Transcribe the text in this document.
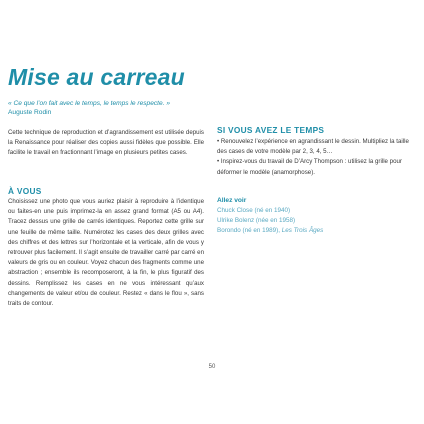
Mise au carreau

« Ce que l’on fait avec le temps, le temps le respecte. »

Auguste Rodin

Cette technique de reproduction et d’agrandissement est utilisée depuis la Renaissance pour réaliser des copies aussi fidèles que possible. Elle facilite le travail en fractionnant l’image en plusieurs petites cases.

À VOUS

Choisissez une photo que vous auriez plaisir à reproduire à l’identique ou faites-en une puis imprimez-la en assez grand format (A5 ou A4). Tracez dessus une grille de carrés identiques. Reportez cette grille sur une feuille de même taille. Numérotez les cases des deux grilles avec des chiffres et des lettres sur l’horizontale et la verticale, afin de vous y retrouver plus facilement. Il s’agit ensuite de travailler carré par carré en valeurs de gris ou en couleur. Voyez chacun des fragments comme une abstraction ; ensemble ils recomposeront, à la fin, le plus figuratif des dessins. Remplissez les cases en ne vous intéressant qu’aux changements de valeur et/ou de couleur. Restez « dans le flou », sans traits de contour.

SI VOUS AVEZ LE TEMPS
• Renouvelez l’expérience en agrandissant le dessin. Multipliez la taille des cases de votre modèle par 2, 3, 4, 5…
• Inspirez-vous du travail de D’Arcy Thompson : utilisez la grille pour déformer le modèle (anamorphose).
Allez voir
Chuck Close (né en 1940)
Ulrike Bolenz (née en 1958)
Borondo (né en 1989), Les Trois Âges

50
